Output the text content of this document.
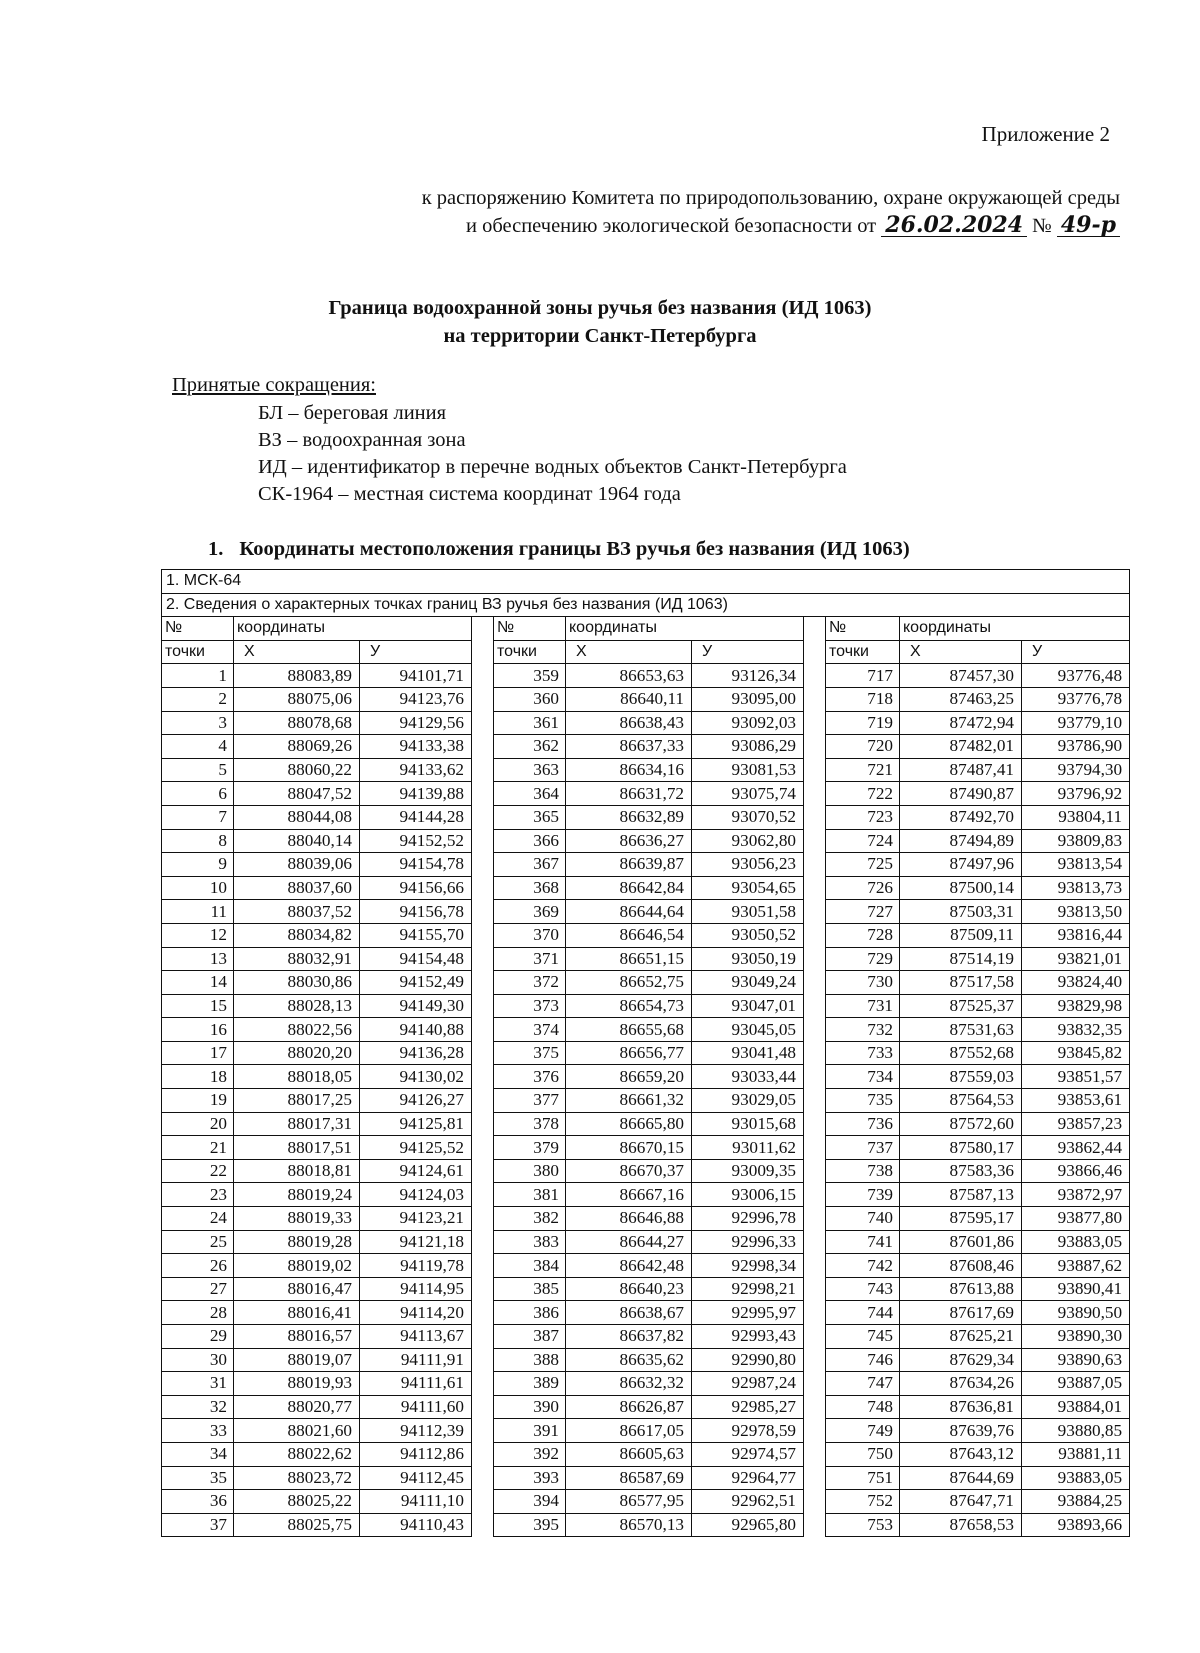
Приложение 2
к распоряжению Комитета по природопользованию, охране окружающей среды
и обеспечению экологической безопасности от 26.02.2024 № 49-р
Граница водоохранной зоны ручья без названия (ИД 1063)
на территории Санкт-Петербурга
Принятые сокращения:
БЛ – береговая линия
ВЗ – водоохранная зона
ИД – идентификатор в перечне водных объектов Санкт-Петербурга
СК-1964 – местная система координат 1964 года
1. Координаты местоположения границы ВЗ ручья без названия (ИД 1063)
1. МСК-64										
2. Сведения о характерных точках границ ВЗ ручья без названия (ИД 1063)										
№	координаты			№	координаты			№	координаты	
точки	Х	У		точки	Х	У		точки	Х	У
1	88083,89	94101,71		359	86653,63	93126,34		717	87457,30	93776,48
2	88075,06	94123,76		360	86640,11	93095,00		718	87463,25	93776,78
3	88078,68	94129,56		361	86638,43	93092,03		719	87472,94	93779,10
4	88069,26	94133,38		362	86637,33	93086,29		720	87482,01	93786,90
5	88060,22	94133,62		363	86634,16	93081,53		721	87487,41	93794,30
6	88047,52	94139,88		364	86631,72	93075,74		722	87490,87	93796,92
7	88044,08	94144,28		365	86632,89	93070,52		723	87492,70	93804,11
8	88040,14	94152,52		366	86636,27	93062,80		724	87494,89	93809,83
9	88039,06	94154,78		367	86639,87	93056,23		725	87497,96	93813,54
10	88037,60	94156,66		368	86642,84	93054,65		726	87500,14	93813,73
11	88037,52	94156,78		369	86644,64	93051,58		727	87503,31	93813,50
12	88034,82	94155,70		370	86646,54	93050,52		728	87509,11	93816,44
13	88032,91	94154,48		371	86651,15	93050,19		729	87514,19	93821,01
14	88030,86	94152,49		372	86652,75	93049,24		730	87517,58	93824,40
15	88028,13	94149,30		373	86654,73	93047,01		731	87525,37	93829,98
16	88022,56	94140,88		374	86655,68	93045,05		732	87531,63	93832,35
17	88020,20	94136,28		375	86656,77	93041,48		733	87552,68	93845,82
18	88018,05	94130,02		376	86659,20	93033,44		734	87559,03	93851,57
19	88017,25	94126,27		377	86661,32	93029,05		735	87564,53	93853,61
20	88017,31	94125,81		378	86665,80	93015,68		736	87572,60	93857,23
21	88017,51	94125,52		379	86670,15	93011,62		737	87580,17	93862,44
22	88018,81	94124,61		380	86670,37	93009,35		738	87583,36	93866,46
23	88019,24	94124,03		381	86667,16	93006,15		739	87587,13	93872,97
24	88019,33	94123,21		382	86646,88	92996,78		740	87595,17	93877,80
25	88019,28	94121,18		383	86644,27	92996,33		741	87601,86	93883,05
26	88019,02	94119,78		384	86642,48	92998,34		742	87608,46	93887,62
27	88016,47	94114,95		385	86640,23	92998,21		743	87613,88	93890,41
28	88016,41	94114,20		386	86638,67	92995,97		744	87617,69	93890,50
29	88016,57	94113,67		387	86637,82	92993,43		745	87625,21	93890,30
30	88019,07	94111,91		388	86635,62	92990,80		746	87629,34	93890,63
31	88019,93	94111,61		389	86632,32	92987,24		747	87634,26	93887,05
32	88020,77	94111,60		390	86626,87	92985,27		748	87636,81	93884,01
33	88021,60	94112,39		391	86617,05	92978,59		749	87639,76	93880,85
34	88022,62	94112,86		392	86605,63	92974,57		750	87643,12	93881,11
35	88023,72	94112,45		393	86587,69	92964,77		751	87644,69	93883,05
36	88025,22	94111,10		394	86577,95	92962,51		752	87647,71	93884,25
37	88025,75	94110,43		395	86570,13	92965,80		753	87658,53	93893,66
